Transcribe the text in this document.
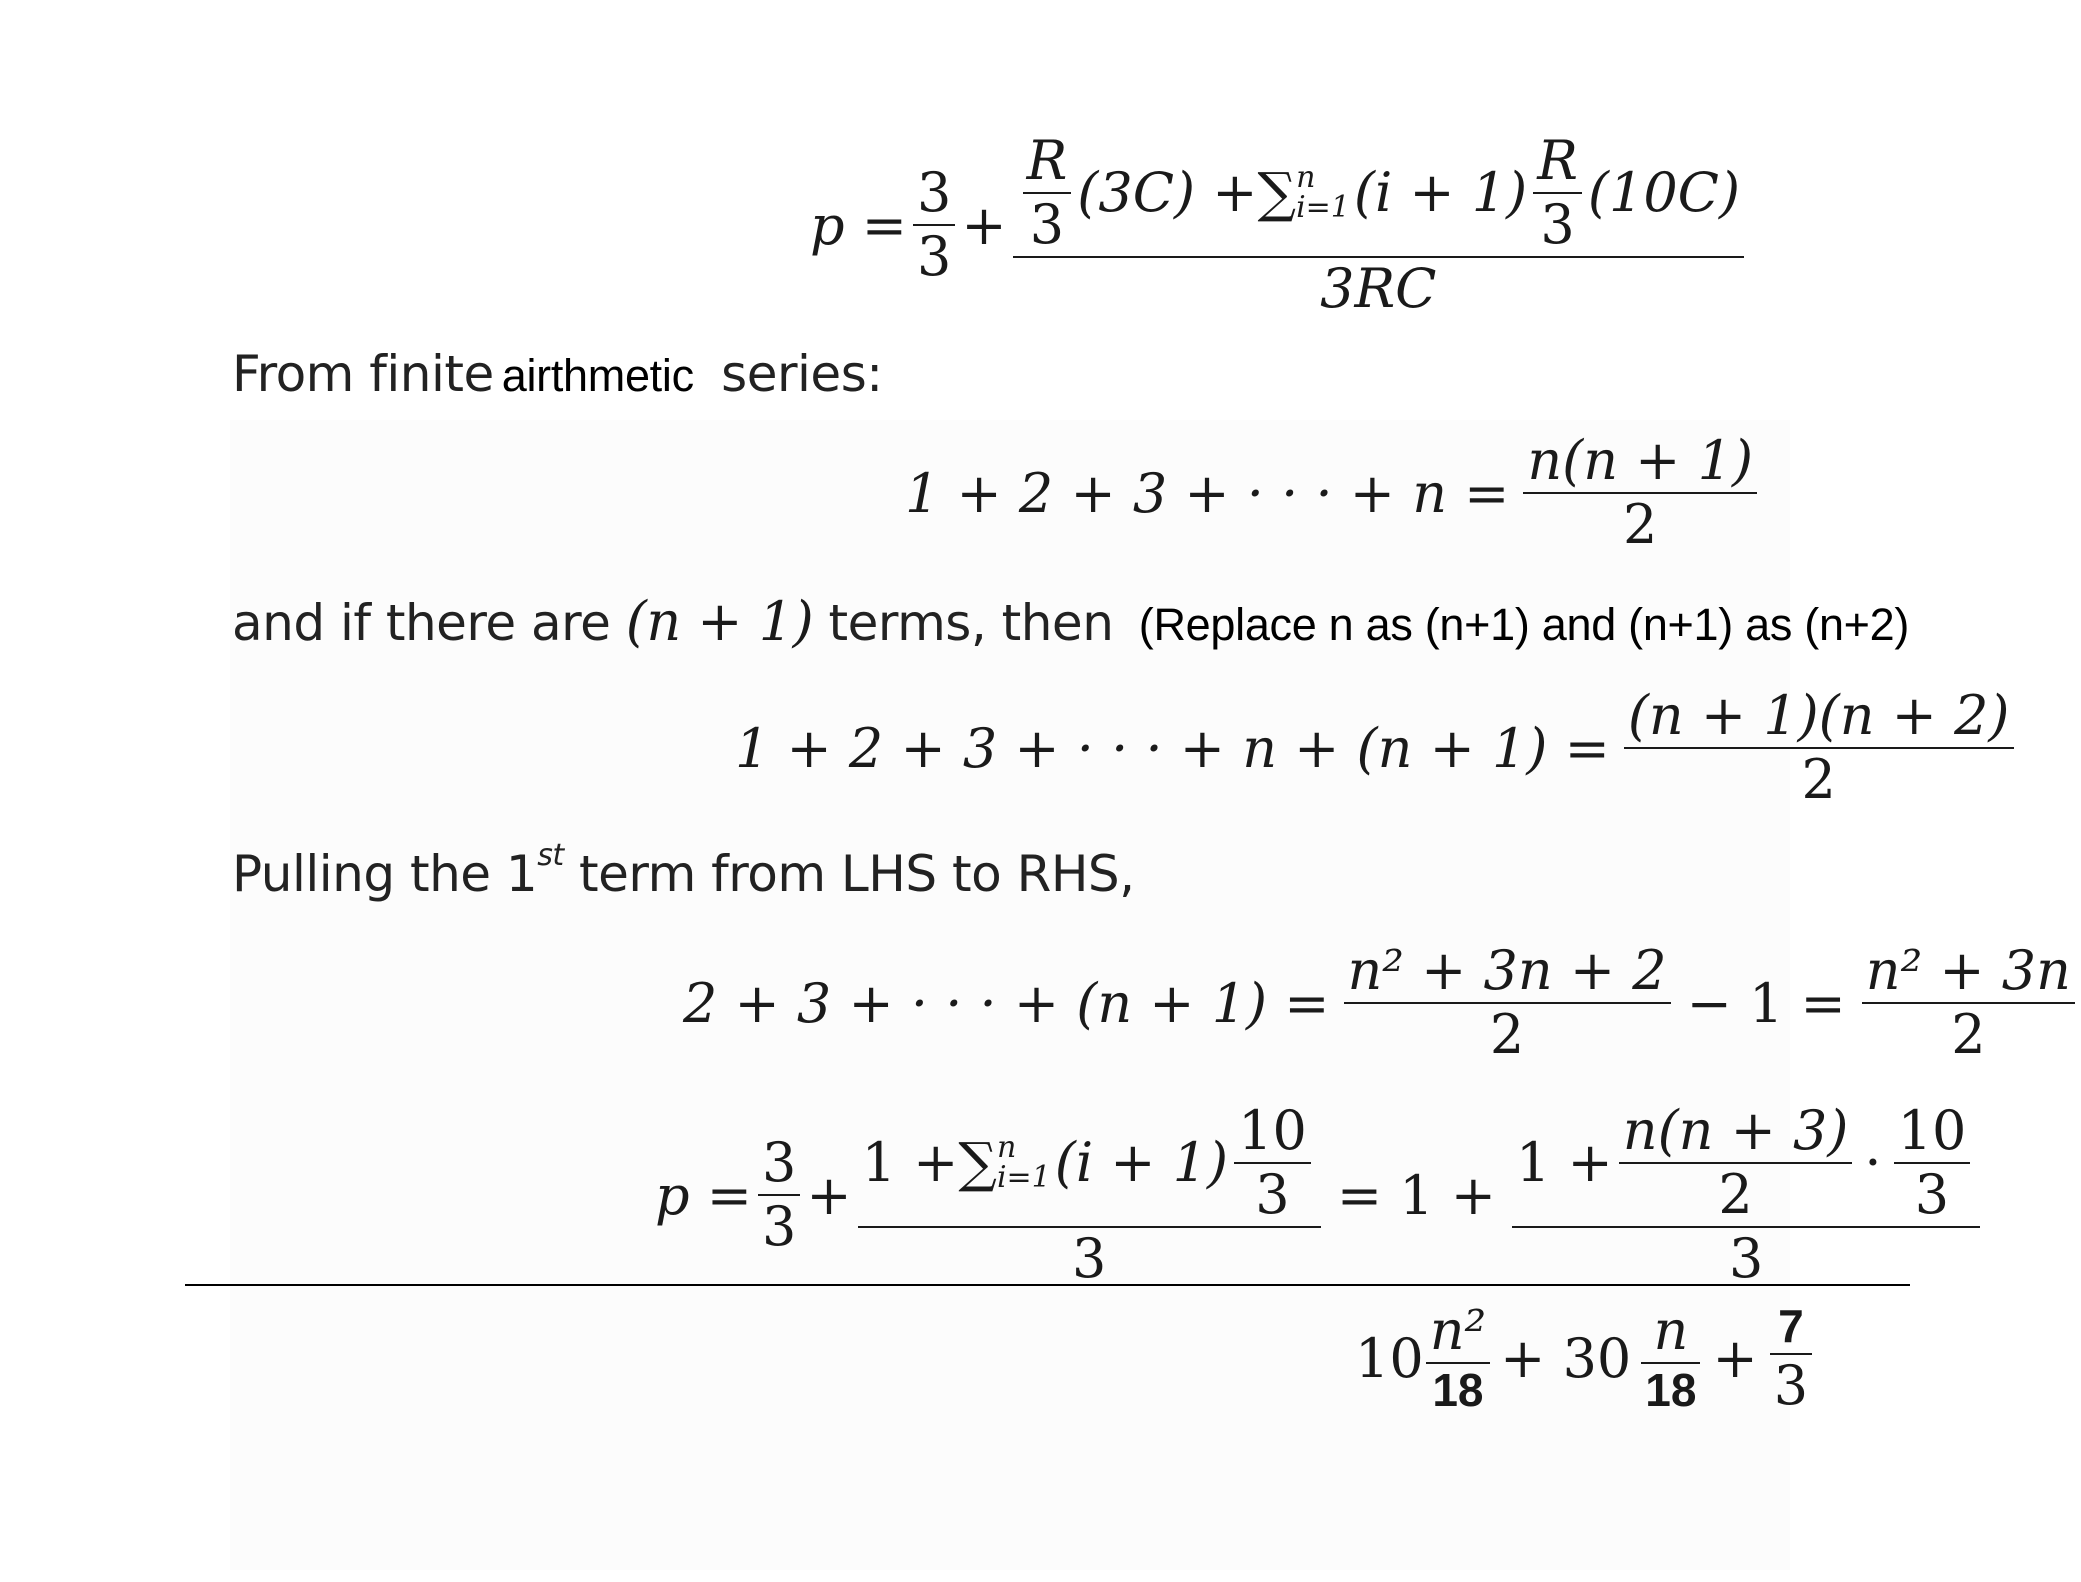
$p = \frac{3}{3} + \frac{R}{3} (3C)$ + ∑ n
i=1 $(i + 1) \frac{R}{3} (10C)$
3RC
From finite airthmetic series:
1 + 2 + 3 + · · · + $n = \frac{n(n + 1)}{2}$
and if there are (n + 1) terms, then (Replace n as (n+1) and (n+1) as (n+2)
1 + 2 + 3 + · · · + $n + (n + 1) = \frac{(n + 1)(n + 2)}{2}$
Pulling the 1st term from LHS to RHS,
2 + 3 + · · · + $(n + 1) = \frac{\text{n² + 3n + 2}}{2} - 1 = \frac{\text{n² + 3n}}{2}$
$p = \frac{3}{3}$ +
1 + ∑ n
i=1 $(i + 1) \frac{10}{3}$
3
= 1 +
$1 + \frac{n(n + 3)}{2} \cdot \frac{10}{3}$
3
$10 \frac{\text{n²}}{18} + 30 \frac{n}{18} + \frac{7}{3}$
